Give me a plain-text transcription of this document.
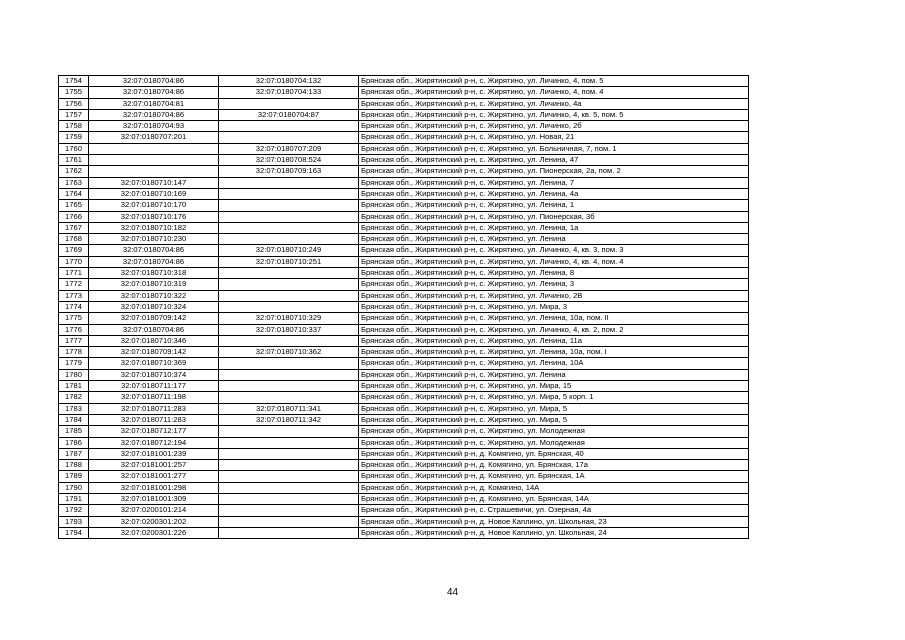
1754	32:07:0180704:86	32:07:0180704:132	Брянская обл., Жирятинский р-н, с. Жирятино, ул. Личинко, 4, пом. 5
1755	32:07:0180704:86	32:07:0180704:133	Брянская обл., Жирятинский р-н, с. Жирятино, ул. Личинко, 4, пом. 4
1756	32:07:0180704:81		Брянская обл., Жирятинский р-н, с. Жирятино, ул. Личинко, 4а
1757	32:07:0180704:86	32:07:0180704:87	Брянская обл., Жирятинский р-н, с. Жирятино, ул. Личинко, 4, кв. 5, пом. 5
1758	32:07:0180704:93		Брянская обл., Жирятинский р-н, с. Жирятино, ул. Личинко, 2б
1759	32:07:0180707:201		Брянская обл., Жирятинский р-н, с. Жирятино, ул. Новая, 21
1760		32:07:0180707:209	Брянская обл., Жирятинский р-н, с. Жирятино, ул. Больничная, 7, пом. 1
1761		32:07:0180708:524	Брянская обл., Жирятинский р-н, с. Жирятино, ул. Ленина, 47
1762		32:07:0180709:163	Брянская обл., Жирятинский р-н, с. Жирятино, ул. Пионерская, 2а, пом. 2
1763	32:07:0180710:147		Брянская обл., Жирятинский р-н, с. Жирятино, ул. Ленина, 7
1764	32:07:0180710:169		Брянская обл., Жирятинский р-н, с. Жирятино, ул. Ленина, 4а
1765	32:07:0180710:170		Брянская обл., Жирятинский р-н, с. Жирятино, ул. Ленина, 1
1766	32:07:0180710:176		Брянская обл., Жирятинский р-н, с. Жирятино, ул. Пионерская, 3б
1767	32:07:0180710:182		Брянская обл., Жирятинский р-н, с. Жирятино, ул. Ленина, 1а
1768	32:07:0180710:230		Брянская обл., Жирятинский р-н, с. Жирятино, ул. Ленина
1769	32:07:0180704:86	32:07:0180710:249	Брянская обл., Жирятинский р-н, с. Жирятино, ул. Личинко, 4, кв. 3, пом. 3
1770	32:07:0180704:86	32:07:0180710:251	Брянская обл., Жирятинский р-н, с. Жирятино, ул. Личинко, 4, кв. 4, пом. 4
1771	32:07:0180710:318		Брянская обл., Жирятинский р-н, с. Жирятино, ул. Ленина, 8
1772	32:07:0180710:319		Брянская обл., Жирятинский р-н, с. Жирятино, ул. Ленина, 3
1773	32:07:0180710:322		Брянская обл., Жирятинский р-н, с. Жирятино, ул. Личинко, 2В
1774	32:07:0180710:324		Брянская обл., Жирятинский р-н, с. Жирятино, ул. Мира, 3
1775	32:07:0180709:142	32:07:0180710:329	Брянская обл., Жирятинский р-н, с. Жирятино, ул. Ленина, 10а, пом. II
1776	32:07:0180704:86	32:07:0180710:337	Брянская обл., Жирятинский р-н, с. Жирятино, ул. Личинко, 4, кв. 2, пом. 2
1777	32:07:0180710:346		Брянская обл., Жирятинский р-н, с. Жирятино, ул. Ленина, 11а
1778	32:07:0180709:142	32:07:0180710:362	Брянская обл., Жирятинский р-н, с. Жирятино, ул. Ленина, 10а, пом. I
1779	32:07:0180710:369		Брянская обл., Жирятинский р-н, с. Жирятино, ул. Ленина, 10А
1780	32:07:0180710:374		Брянская обл., Жирятинский р-н, с. Жирятино, ул. Ленина
1781	32:07:0180711:177		Брянская обл., Жирятинский р-н, с. Жирятино, ул. Мира, 15
1782	32:07:0180711:198		Брянская обл., Жирятинский р-н, с. Жирятино, ул. Мира, 5 корп. 1
1783	32:07:0180711:283	32:07:0180711:341	Брянская обл., Жирятинский р-н, с. Жирятино, ул. Мира, 5
1784	32:07:0180711:283	32:07:0180711:342	Брянская обл., Жирятинский р-н, с. Жирятино, ул. Мира, 5
1785	32:07:0180712:177		Брянская обл., Жирятинский р-н, с. Жирятино, ул. Молодежная
1786	32:07:0180712:194		Брянская обл., Жирятинский р-н, с. Жирятино, ул. Молодежная
1787	32:07:0181001:239		Брянская обл., Жирятинский р-н, д. Комягино, ул. Брянская, 40
1788	32:07:0181001:257		Брянская обл., Жирятинский р-н, д. Комягино, ул. Брянская, 17а
1789	32:07:0181001:277		Брянская обл., Жирятинский р-н, д. Комягино, ул. Брянская, 1А
1790	32:07:0181001:298		Брянская обл., Жирятинский р-н, д. Комягино, 14А
1791	32:07:0181001:309		Брянская обл., Жирятинский р-н, д. Комягино, ул. Брянская, 14А
1792	32:07:0200101:214		Брянская обл., Жирятинский р-н, с. Страшевичи, ул. Озерная, 4а
1793	32:07:0200301:202		Брянская обл., Жирятинский р-н, д. Новое Каплино, ул. Школьная, 23
1794	32:07:0200301:226		Брянская обл., Жирятинский р-н, д. Новое Каплино, ул. Школьная, 24
44
